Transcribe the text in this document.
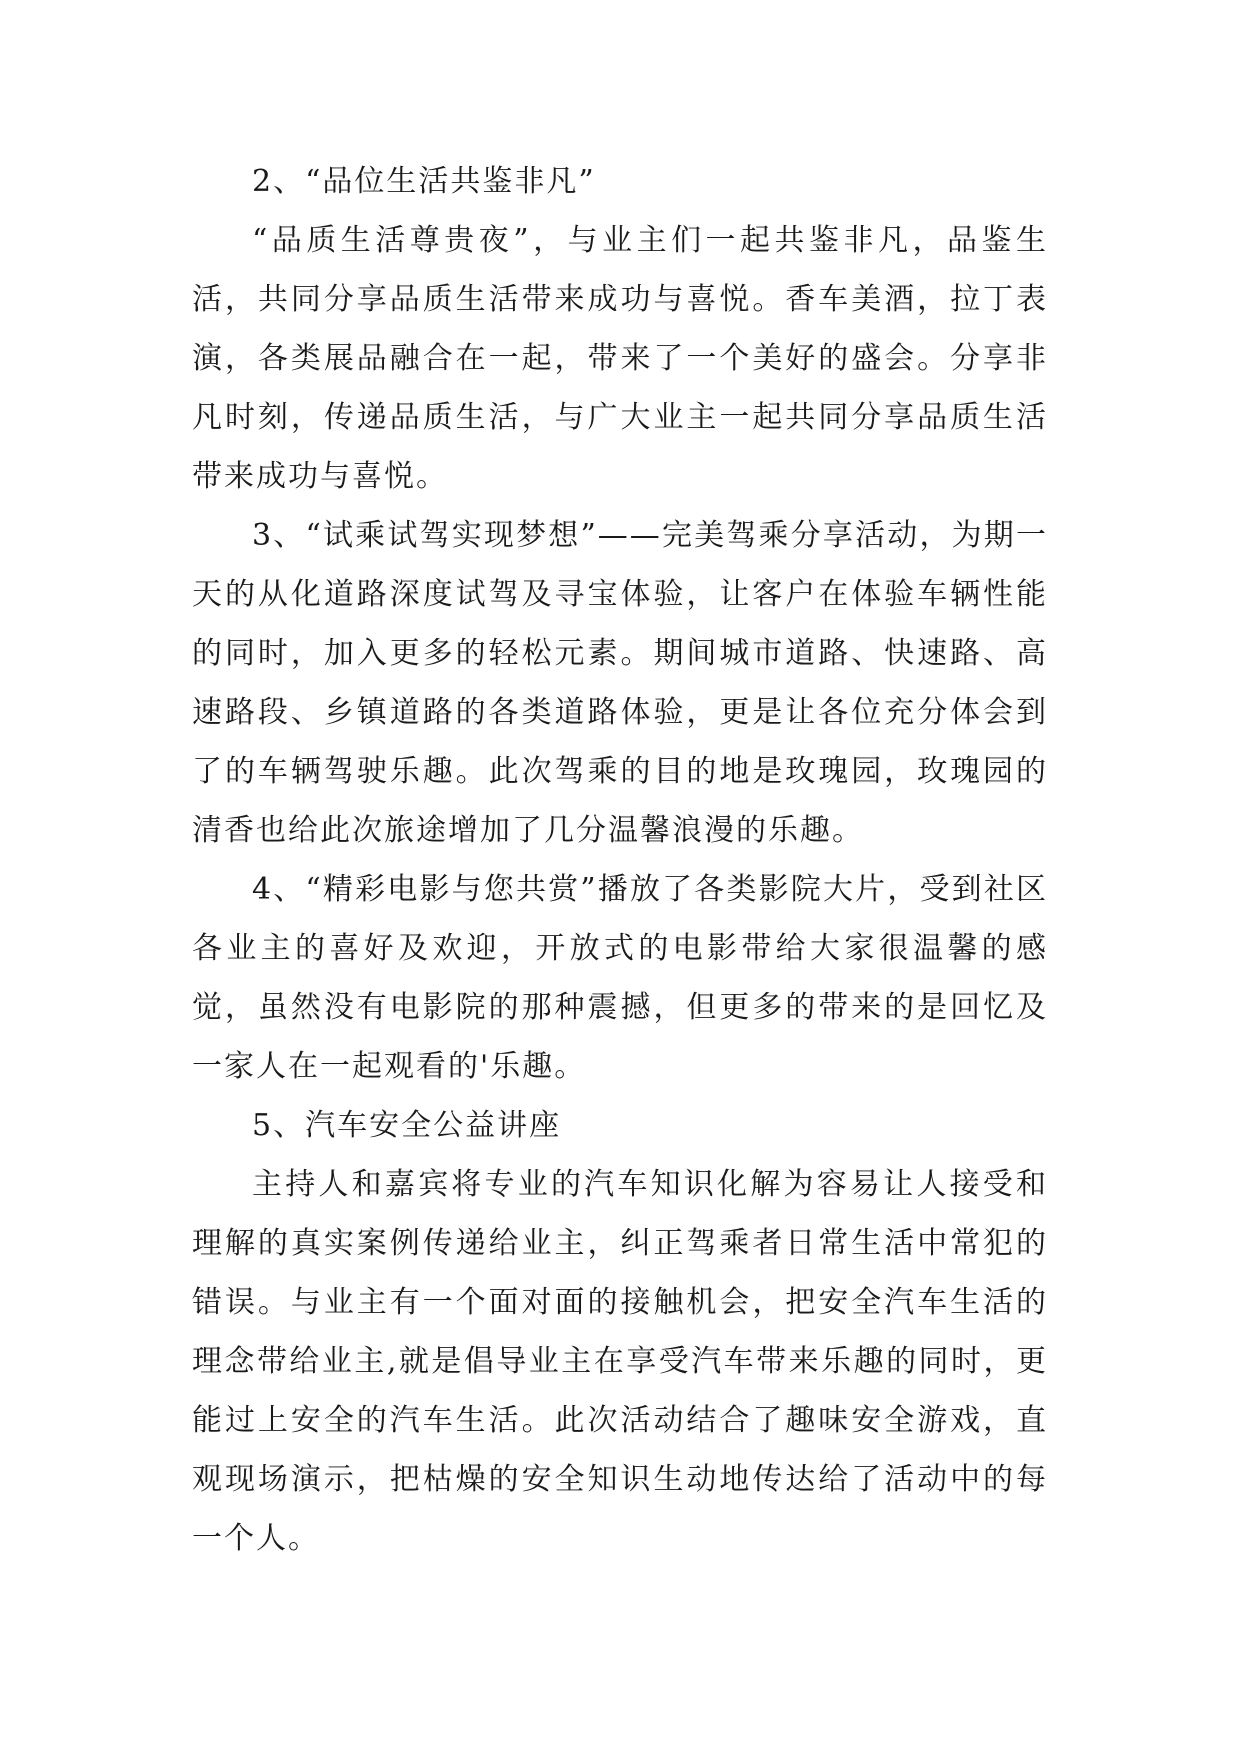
2、“品位生活共鉴非凡”

“品质生活尊贵夜”，与业主们一起共鉴非凡，品鉴生活，共同分享品质生活带来成功与喜悦。香车美酒，拉丁表演，各类展品融合在一起，带来了一个美好的盛会。分享非凡时刻，传递品质生活，与广大业主一起共同分享品质生活带来成功与喜悦。

3、“试乘试驾实现梦想”——完美驾乘分享活动，为期一天的从化道路深度试驾及寻宝体验，让客户在体验车辆性能的同时，加入更多的轻松元素。期间城市道路、快速路、高速路段、乡镇道路的各类道路体验，更是让各位充分体会到了的车辆驾驶乐趣。此次驾乘的目的地是玫瑰园，玫瑰园的清香也给此次旅途增加了几分温馨浪漫的乐趣。

4、“精彩电影与您共赏”播放了各类影院大片，受到社区各业主的喜好及欢迎，开放式的电影带给大家很温馨的感觉，虽然没有电影院的那种震撼，但更多的带来的是回忆及一家人在一起观看的'乐趣。

5、汽车安全公益讲座

主持人和嘉宾将专业的汽车知识化解为容易让人接受和理解的真实案例传递给业主，纠正驾乘者日常生活中常犯的错误。与业主有一个面对面的接触机会，把安全汽车生活的理念带给业主,就是倡导业主在享受汽车带来乐趣的同时，更能过上安全的汽车生活。此次活动结合了趣味安全游戏，直观现场演示，把枯燥的安全知识生动地传达给了活动中的每一个人。
